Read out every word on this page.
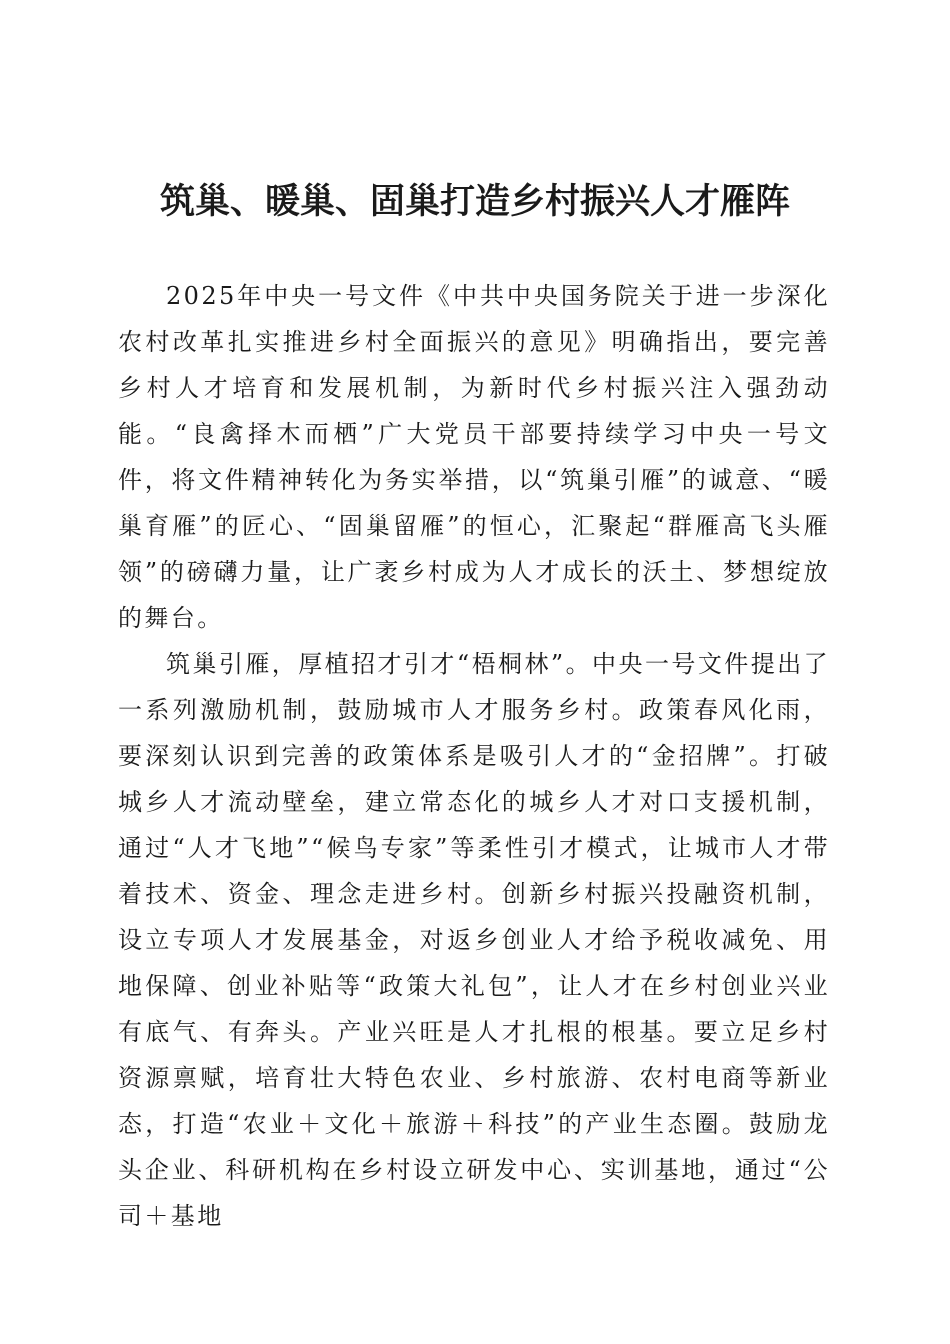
筑巢、暖巢、固巢打造乡村振兴人才雁阵

2025年中央一号文件《中共中央国务院关于进一步深化农村改革扎实推进乡村全面振兴的意见》明确指出，要完善乡村人才培育和发展机制，为新时代乡村振兴注入强劲动能。“良禽择木而栖”广大党员干部要持续学习中央一号文件，将文件精神转化为务实举措，以“筑巢引雁”的诚意、“暖巢育雁”的匠心、“固巢留雁”的恒心，汇聚起“群雁高飞头雁领”的磅礴力量，让广袤乡村成为人才成长的沃土、梦想绽放的舞台。

筑巢引雁，厚植招才引才“梧桐林”。中央一号文件提出了一系列激励机制，鼓励城市人才服务乡村。政策春风化雨，要深刻认识到完善的政策体系是吸引人才的“金招牌”。打破城乡人才流动壁垒，建立常态化的城乡人才对口支援机制，通过“人才飞地”“候鸟专家”等柔性引才模式，让城市人才带着技术、资金、理念走进乡村。创新乡村振兴投融资机制，设立专项人才发展基金，对返乡创业人才给予税收减免、用地保障、创业补贴等“政策大礼包”，让人才在乡村创业兴业有底气、有奔头。产业兴旺是人才扎根的根基。要立足乡村资源禀赋，培育壮大特色农业、乡村旅游、农村电商等新业态，打造“农业＋文化＋旅游＋科技”的产业生态圈。鼓励龙头企业、科研机构在乡村设立研发中心、实训基地，通过“公司＋基地
